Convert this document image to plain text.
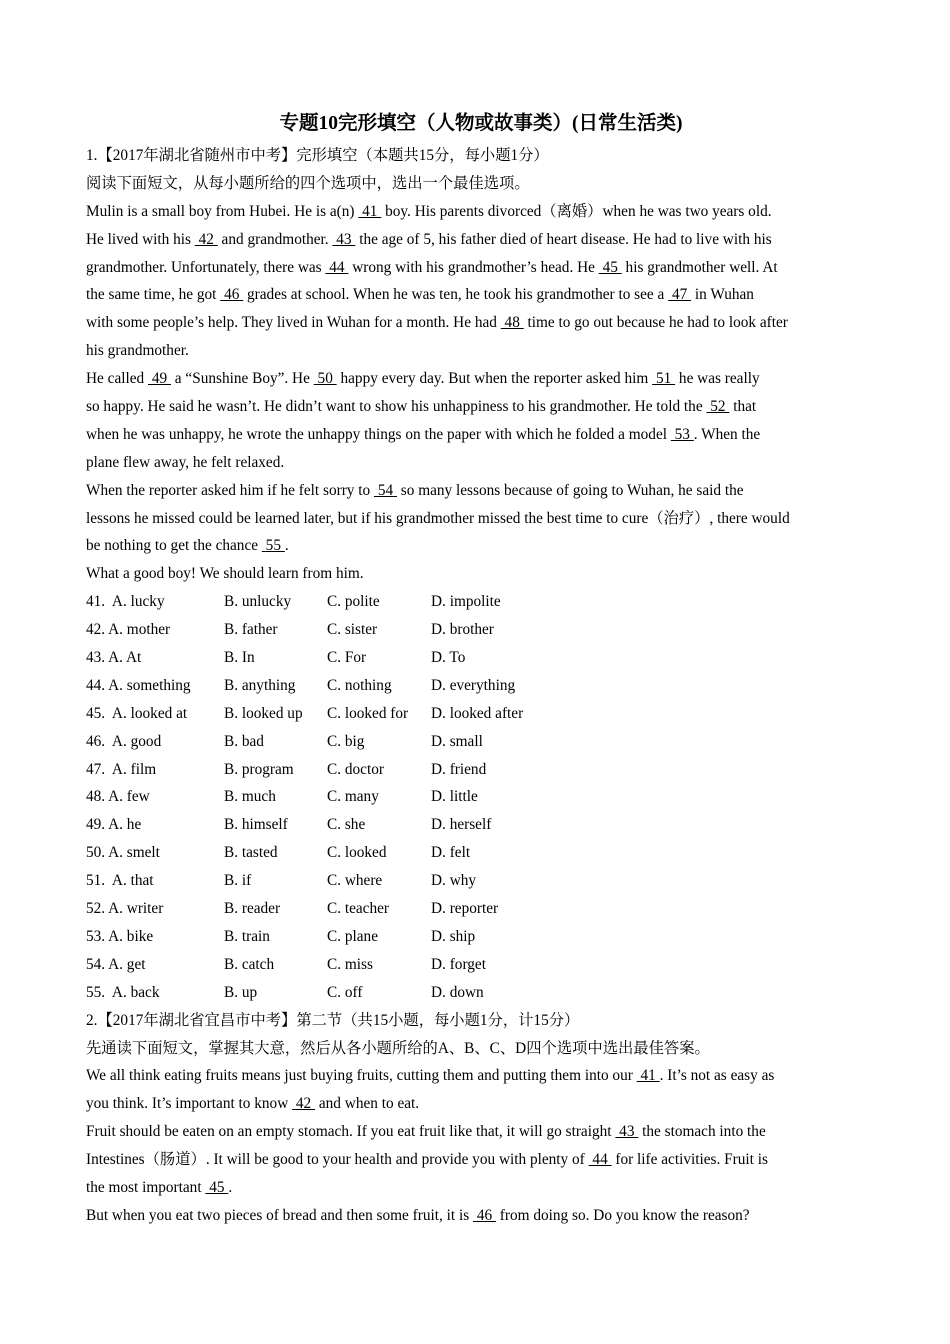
专题10完形填空（人物或故事类）(日常生活类)
1.【2017年湖北省随州市中考】完形填空（本题共15分，每小题1分）
阅读下面短文，从每小题所给的四个选项中，选出一个最佳选项。
Mulin is a small boy from Hubei. He is a(n)  41  boy. His parents divorced（离婚）when he was two years old.
He lived with his  42  and grandmother.  43  the age of 5, his father died of heart disease. He had to live with his
grandmother. Unfortunately, there was  44  wrong with his grandmother’s head. He  45  his grandmother well. At
the same time, he got  46  grades at school. When he was ten, he took his grandmother to see a  47  in Wuhan
with some people’s help. They lived in Wuhan for a month. He had  48  time to go out because he had to look after
his grandmother.
He called  49  a “Sunshine Boy”. He  50  happy every day. But when the reporter asked him  51  he was really
so happy. He said he wasn’t. He didn’t want to show his unhappiness to his grandmother. He told the  52  that
when he was unhappy, he wrote the unhappy things on the paper with which he folded a model  53 . When the
plane flew away, he felt relaxed.
When the reporter asked him if he felt sorry to  54  so many lessons because of going to Wuhan, he said the
lessons he missed could be learned later, but if his grandmother missed the best time to cure（治疗）, there would
be nothing to get the chance  55 .
What a good boy! We should learn from him.
41.  A. lucky	B. unlucky	C. polite	D. impolite
42. A. mother	B. father	C. sister	D. brother
43. A. At	B. In	C. For	D. To
44. A. something	B. anything	C. nothing	D. everything
45.  A. looked at	B. looked up	C. looked for	D. looked after
46.  A. good	B. bad	C. big	D. small
47.  A. film	B. program	C. doctor	D. friend
48. A. few	B. much	C. many	D. little
49. A. he	B. himself	C. she	D. herself
50. A. smelt	B. tasted	C. looked	D. felt
51.  A. that	B. if	C. where	D. why
52. A. writer	B. reader	C. teacher	D. reporter
53. A. bike	B. train	C. plane	D. ship
54. A. get	B. catch	C. miss	D. forget
55.  A. back	B. up	C. off	D. down
2.【2017年湖北省宜昌市中考】第二节（共15小题，每小题1分，计15分）
先通读下面短文，掌握其大意，然后从各小题所给的A、B、C、D四个选项中选出最佳答案。
We all think eating fruits means just buying fruits, cutting them and putting them into our  41 . It’s not as easy as
you think. It’s important to know  42  and when to eat.
Fruit should be eaten on an empty stomach. If you eat fruit like that, it will go straight  43  the stomach into the
Intestines（肠道）. It will be good to your health and provide you with plenty of  44  for life activities. Fruit is
the most important  45 .
But when you eat two pieces of bread and then some fruit, it is  46  from doing so. Do you know the reason?
